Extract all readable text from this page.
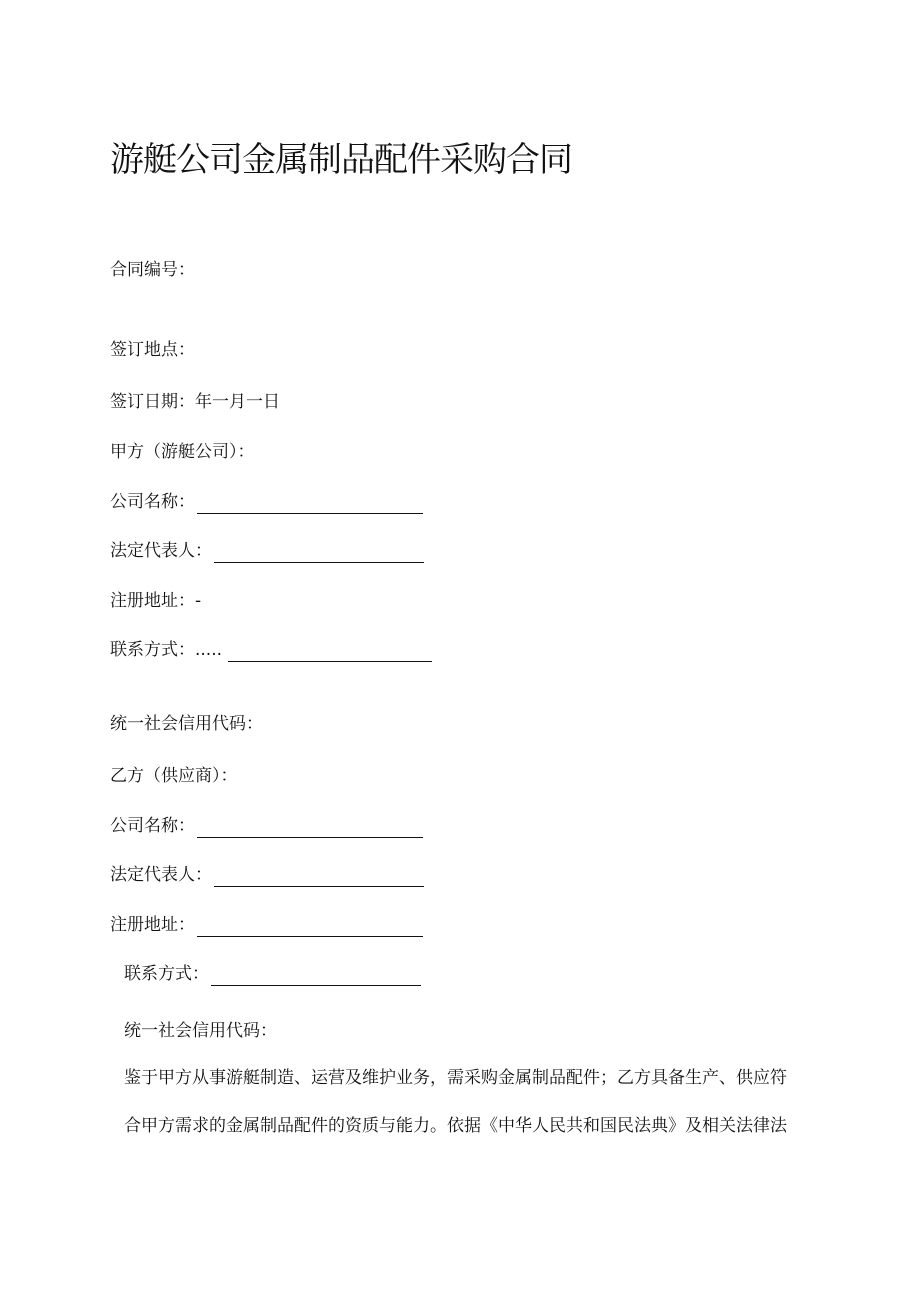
游艇公司金属制品配件采购合同
合同编号：
签订地点：
签订日期：年一月一日
甲方（游艇公司）：
公司名称：
法定代表人：
注册地址：-
联系方式：.....
统一社会信用代码：
乙方（供应商）：
公司名称：
法定代表人：
注册地址：
联系方式：
统一社会信用代码：
鉴于甲方从事游艇制造、运营及维护业务，需采购金属制品配件；乙方具备生产、供应符
合甲方需求的金属制品配件的资质与能力。依据《中华人民共和国民法典》及相关法律法
